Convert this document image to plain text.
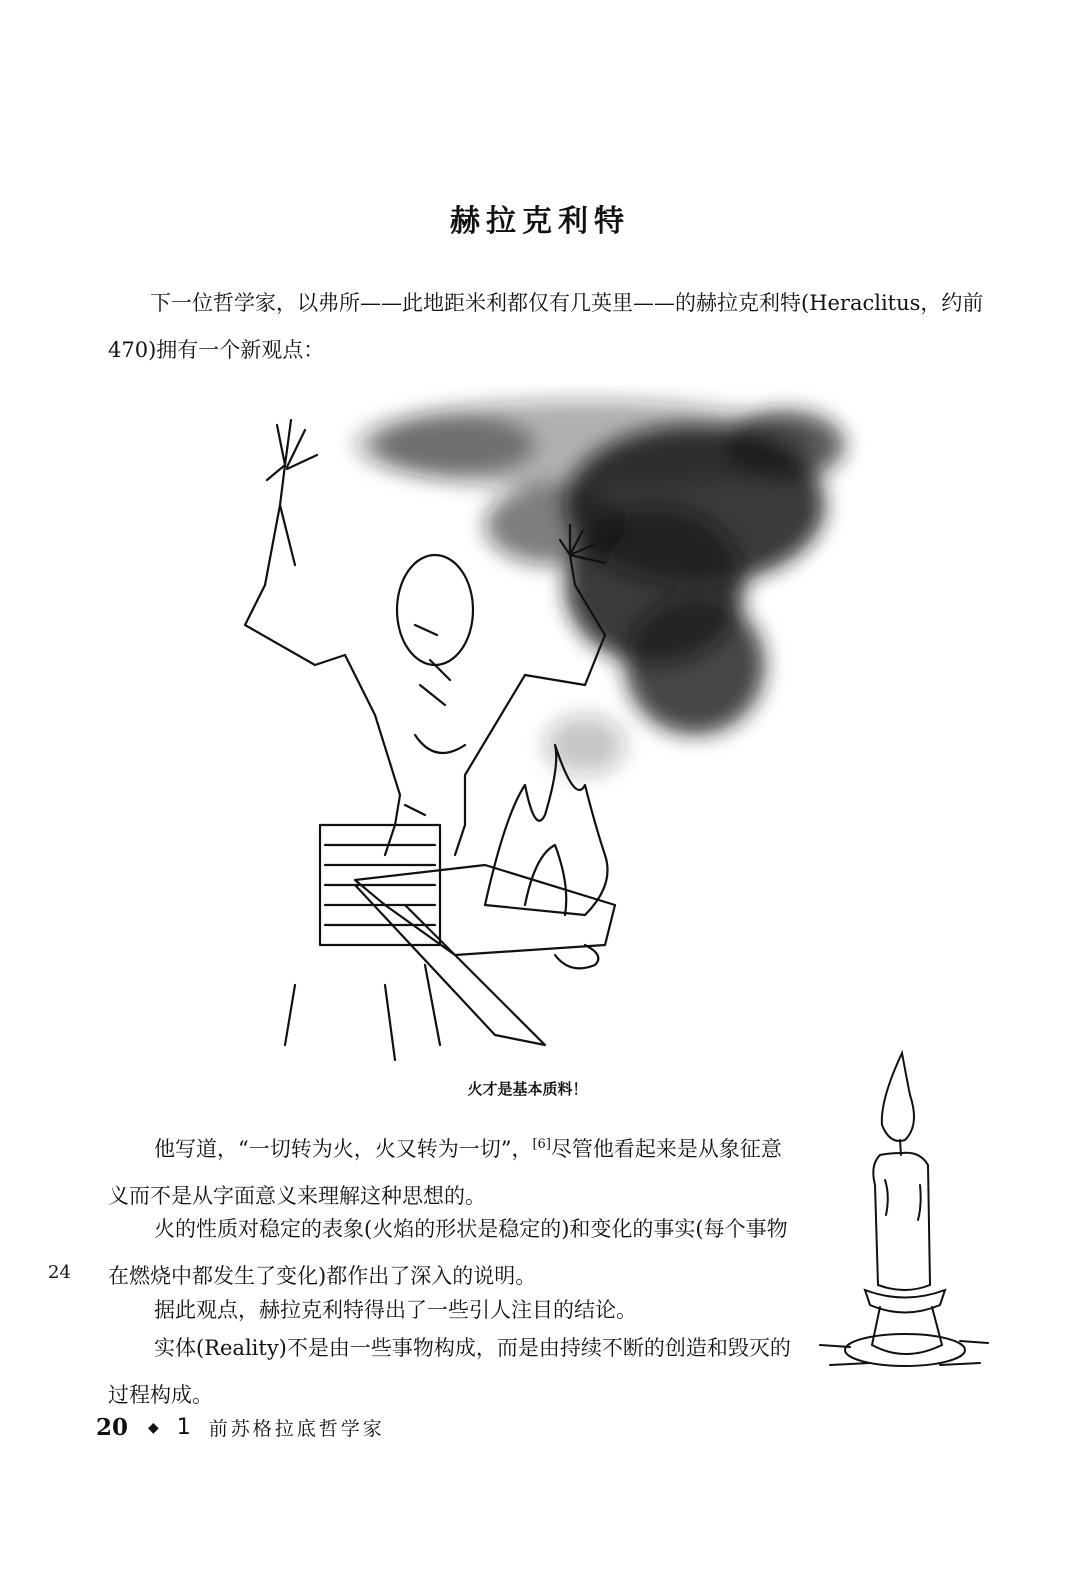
赫拉克利特

下一位哲学家，以弗所——此地距米利都仅有几英里——的赫拉克利特(Heraclitus，约前470)拥有一个新观点：

火才是基本质料！

他写道，“一切转为火，火又转为一切”，[6]尽管他看起来是从象征意义而不是从字面意义来理解这种思想的。

火的性质对稳定的表象(火焰的形状是稳定的)和变化的事实(每个事物在燃烧中都发生了变化)都作出了深入的说明。

24

据此观点，赫拉克利特得出了一些引人注目的结论。

实体(Reality)不是由一些事物构成，而是由持续不断的创造和毁灭的过程构成。

20 ◆ 1 前苏格拉底哲学家
